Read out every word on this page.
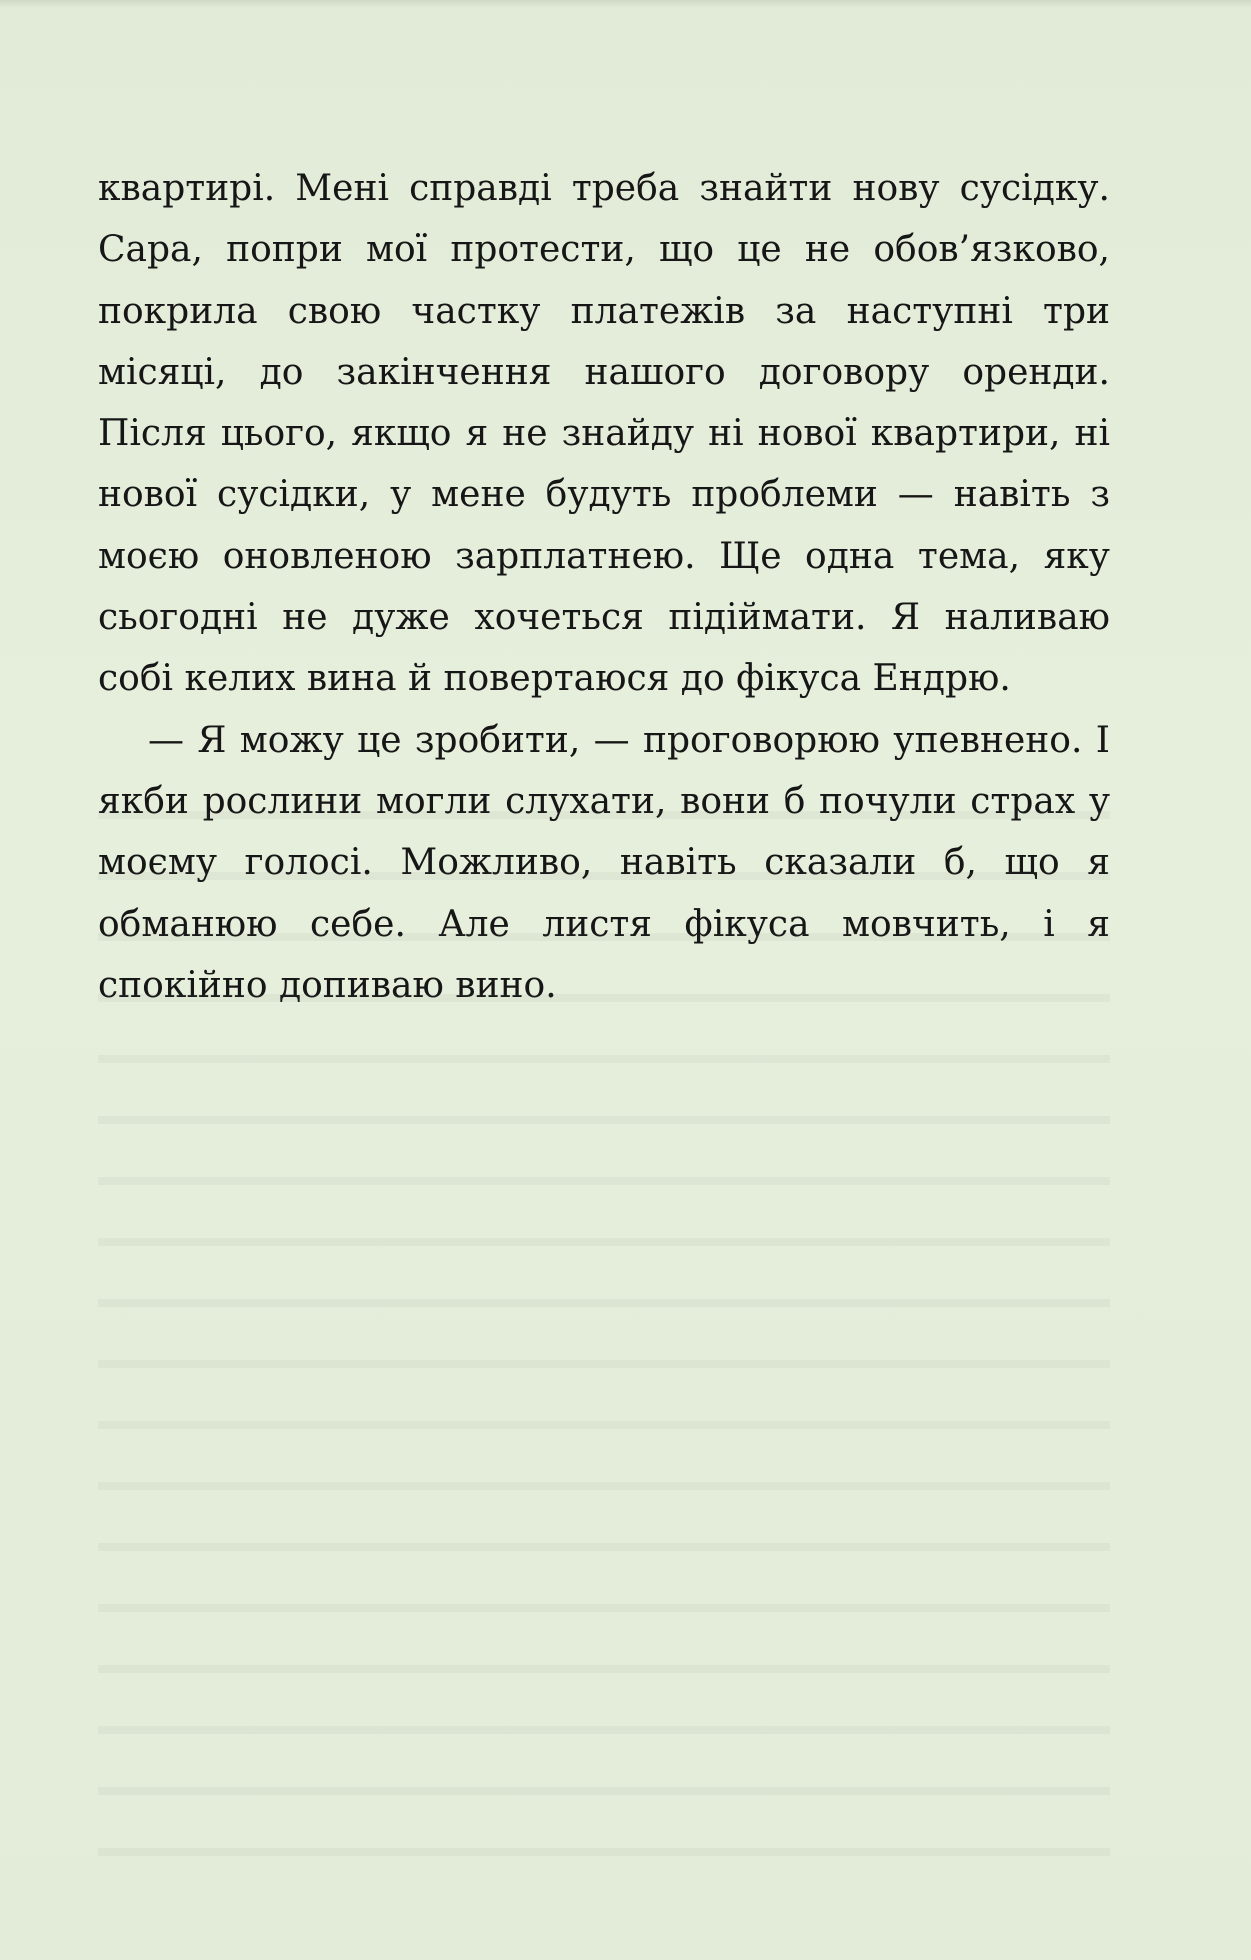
квартирі. Мені справді треба знайти нову сусідку. Сара, попри мої протести, що це не обов’язково, покрила свою частку платежів за наступні три місяці, до закінчення нашого договору оренди. Після цього, якщо я не знайду ні нової квартири, ні нової сусідки, у мене будуть проблеми — навіть з моєю оновленою зарплатнею. Ще одна тема, яку сьогодні не дуже хочеться підіймати. Я наливаю собі келих вина й повертаюся до фікуса Ендрю.

— Я можу це зробити, — проговорюю упевнено. І якби рослини могли слухати, вони б почули страх у моєму голосі. Можливо, навіть сказали б, що я обманюю себе. Але листя фікуса мовчить, і я спокійно допиваю вино.
